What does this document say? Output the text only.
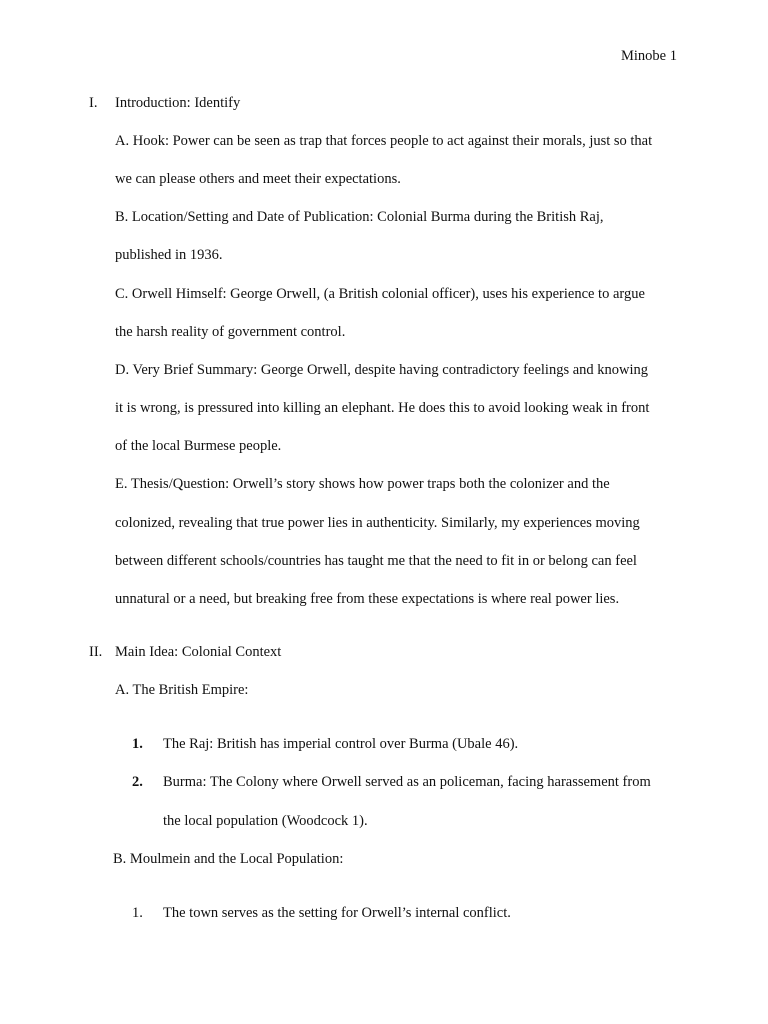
Minobe 1
I. Introduction: Identify
A. Hook: Power can be seen as trap that forces people to act against their morals, just so that
we can please others and meet their expectations.
B. Location/Setting and Date of Publication: Colonial Burma during the British Raj,
published in 1936.
C. Orwell Himself: George Orwell, (a British colonial officer), uses his experience to argue
the harsh reality of government control.
D. Very Brief Summary: George Orwell, despite having contradictory feelings and knowing
it is wrong, is pressured into killing an elephant. He does this to avoid looking weak in front
of the local Burmese people.
E. Thesis/Question: Orwell’s story shows how power traps both the colonizer and the
colonized, revealing that true power lies in authenticity. Similarly, my experiences moving
between different schools/countries has taught me that the need to fit in or belong can feel
unnatural or a need, but breaking free from these expectations is where real power lies.
II. Main Idea: Colonial Context
A. The British Empire:
1. The Raj: British has imperial control over Burma (Ubale 46).
2. Burma: The Colony where Orwell served as an policeman, facing harassement from
the local population (Woodcock 1).
B. Moulmein and the Local Population:
1. The town serves as the setting for Orwell’s internal conflict.
